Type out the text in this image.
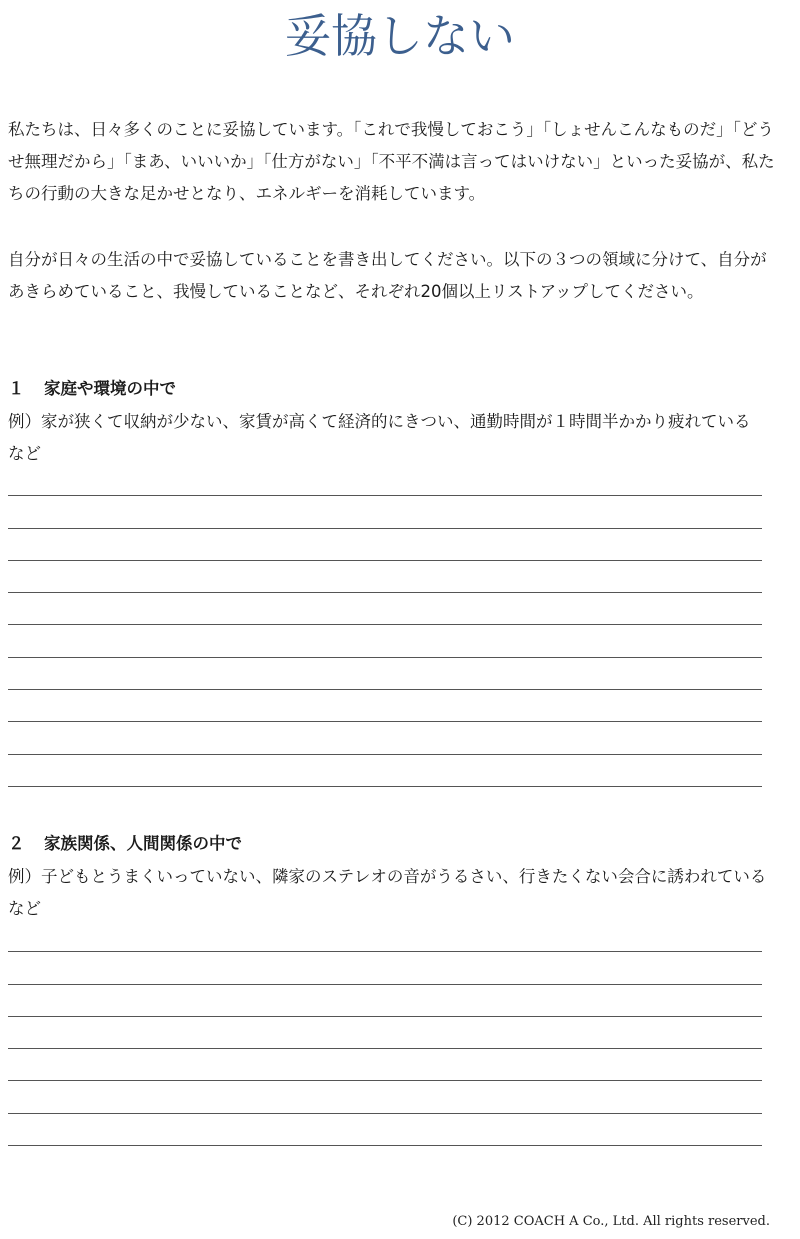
妥協しない

私たちは、日々多くのことに妥協しています。「これで我慢しておこう」「しょせんこんなものだ」「どうせ無理だから」「まあ、いいいか」「仕方がない」「不平不満は言ってはいけない」といった妥協が、私たちの行動の大きな足かせとなり、エネルギーを消耗しています。

自分が日々の生活の中で妥協していることを書き出してください。以下の３つの領域に分けて、自分があきらめていること、我慢していることなど、それぞれ20個以上リストアップしてください。

１ 家庭や環境の中で

例）家が狭くて収納が少ない、家賃が高くて経済的にきつい、通勤時間が１時間半かかり疲れている　など

２ 家族関係、人間関係の中で

例）子どもとうまくいっていない、隣家のステレオの音がうるさい、行きたくない会合に誘われている　など

(C) 2012 COACH A Co., Ltd. All rights reserved.
